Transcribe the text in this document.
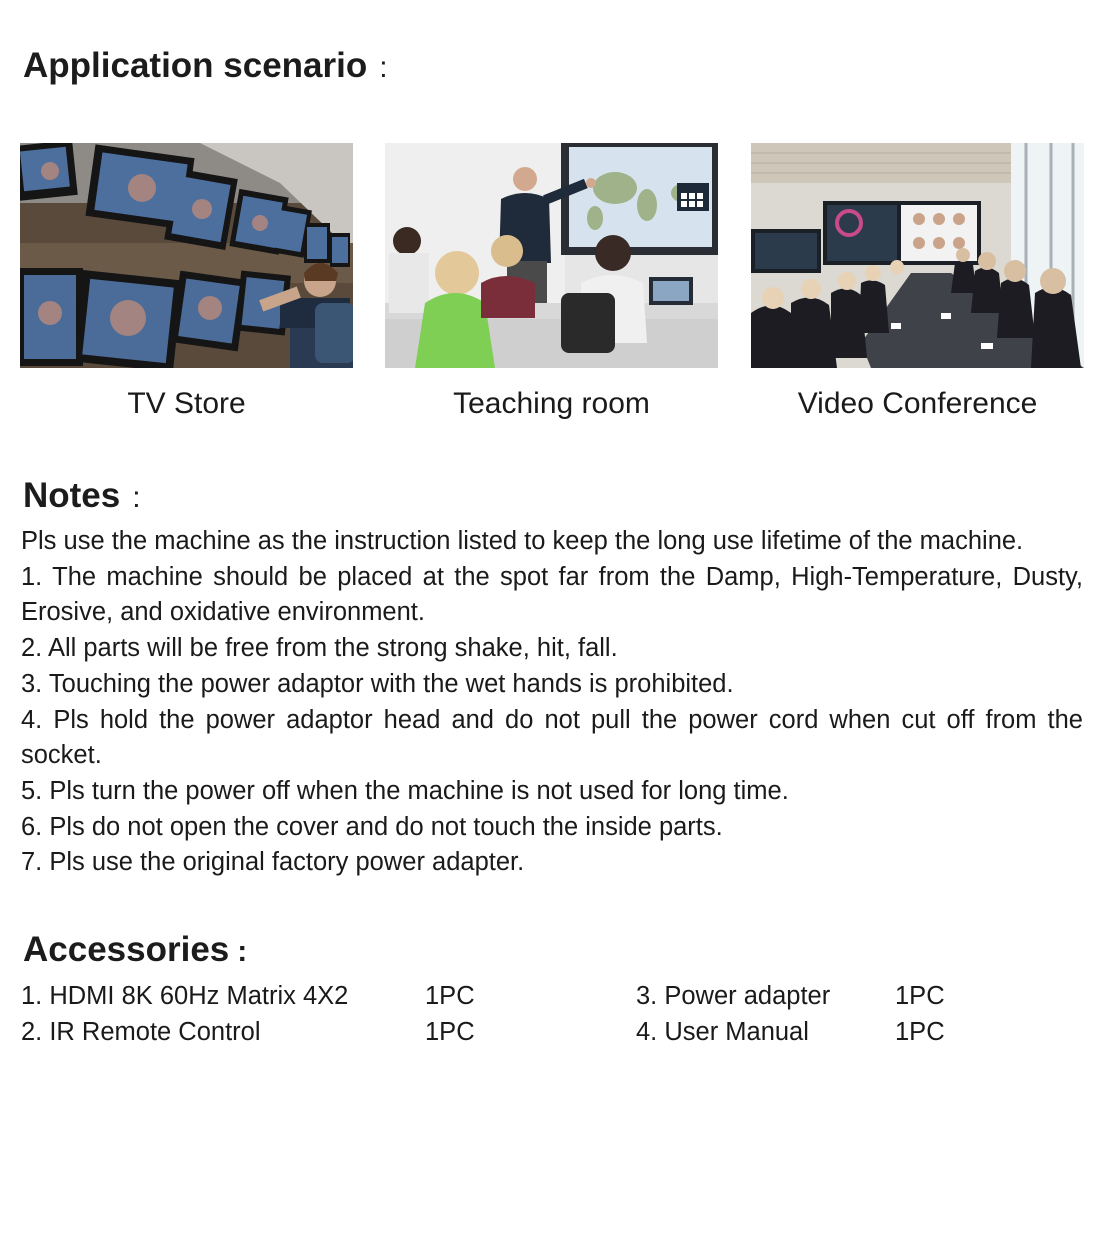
Application scenario :
TV Store	Teaching room	Video Conference
Notes :

Pls use the machine as the instruction listed to keep the long use lifetime of the machine.

1. The machine should be placed at the spot far from the Damp, High-Temperature, Dusty, Erosive, and oxidative environment.

2. All parts will be free from the strong shake, hit, fall.

3. Touching the power adaptor with the wet hands is prohibited.

4. Pls hold the power adaptor head and do not pull the power cord when cut off from the socket.

5. Pls turn the power off when the machine is not used for long time.

6. Pls do not open the cover and do not touch the inside parts.

7. Pls use the original factory power adapter.

Accessories :
1. HDMI 8K 60Hz Matrix 4X2	1PC
2. IR Remote Control	1PC
3. Power adapter	1PC
4. User Manual	1PC
